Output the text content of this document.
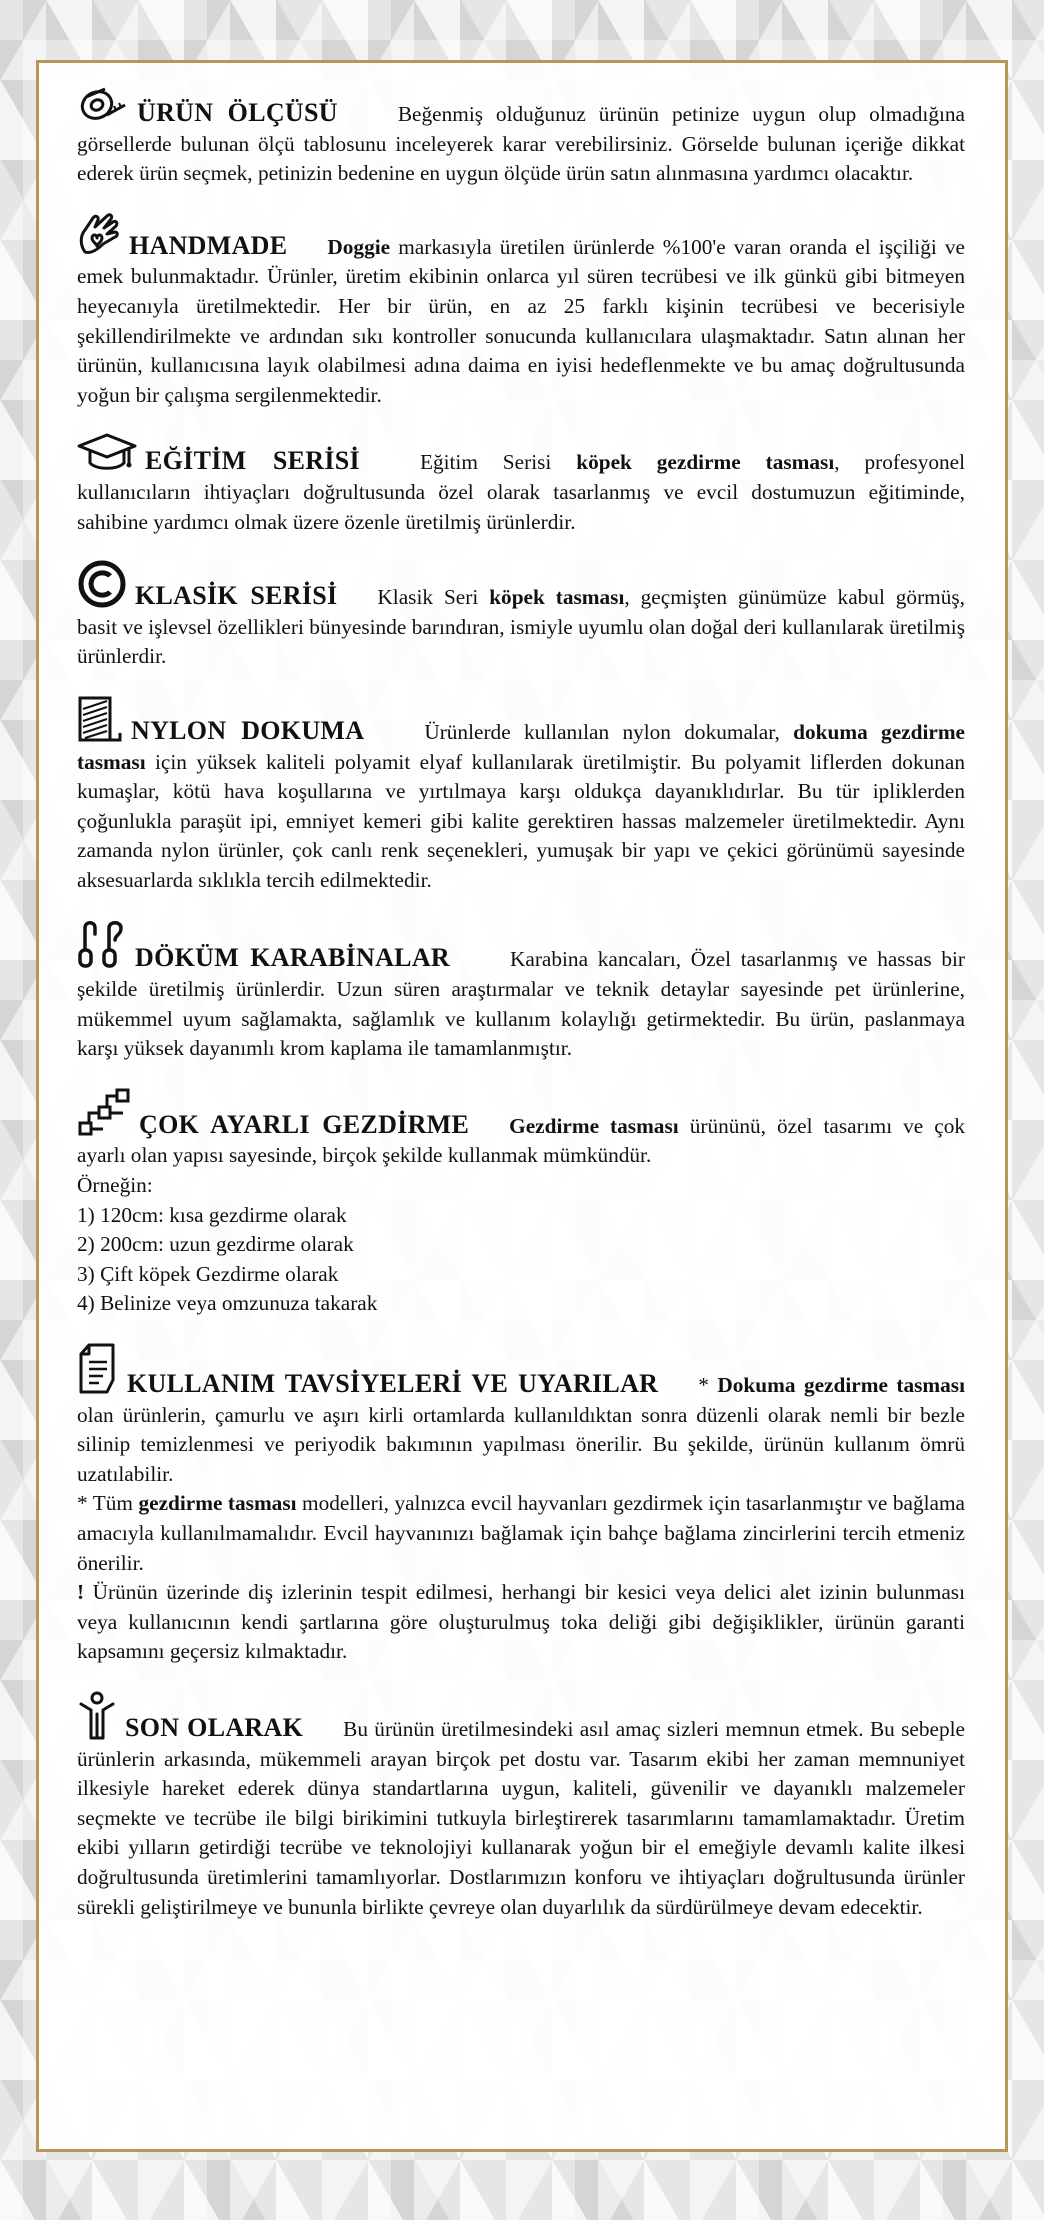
ÜRÜN ÖLÇÜSÜ	Beğenmiş olduğunuz ürünün petinize uygun olup olmadığına görsellerde bulunan ölçü tablosunu inceleyerek karar verebilirsiniz. Görselde bulunan içeriğe dikkat ederek ürün seçmek, petinizin bedenine en uygun ölçüde ürün satın alınmasına yardımcı olacaktır.

HANDMADE Doggie markasıyla üretilen ürünlerde %100'e varan oranda el işçiliği ve emek bulunmaktadır. Ürünler, üretim ekibinin onlarca yıl süren tecrübesi ve ilk günkü gibi bitmeyen heyecanıyla üretilmektedir. Her bir ürün, en az 25 farklı kişinin tecrübesi ve becerisiyle şekillendirilmekte ve ardından sıkı kontroller sonucunda kullanıcılara ulaşmaktadır. Satın alınan her ürünün, kullanıcısına layık olabilmesi adına daima en iyisi hedeflenmekte ve bu amaç doğrultusunda yoğun bir çalışma sergilenmektedir.

EĞİTİM SERİSİ	Eğitim Serisi köpek gezdirme tasması, profesyonel kullanıcıların ihtiyaçları doğrultusunda özel olarak tasarlanmış ve evcil dostumuzun eğitiminde, sahibine yardımcı olmak üzere özenle üretilmiş ürünlerdir.

KLASİK SERİSİ Klasik Seri köpek tasması, geçmişten günümüze kabul görmüş, basit ve işlevsel özellikleri bünyesinde barındıran, ismiyle uyumlu olan doğal deri kullanılarak üretilmiş ürünlerdir.

NYLON DOKUMA	Ürünlerde kullanılan nylon dokumalar, dokuma gezdirme tasması için yüksek kaliteli polyamit elyaf kullanılarak üretilmiştir. Bu polyamit liflerden dokunan kumaşlar, kötü hava koşullarına ve yırtılmaya karşı oldukça dayanıklıdırlar. Bu tür ipliklerden çoğunlukla paraşüt ipi, emniyet kemeri gibi kalite gerektiren hassas malzemeler üretilmektedir. Aynı zamanda nylon ürünler, çok canlı renk seçenekleri, yumuşak bir yapı ve çekici görünümü sayesinde aksesuarlarda sıklıkla tercih edilmektedir.

DÖKÜM KARABİNALAR	Karabina kancaları, Özel tasarlanmış ve hassas bir şekilde üretilmiş ürünlerdir. Uzun süren araştırmalar ve teknik detaylar sayesinde pet ürünlerine, mükemmel uyum sağlamakta, sağlamlık ve kullanım kolaylığı getirmektedir. Bu ürün, paslanmaya karşı yüksek dayanımlı krom kaplama ile tamamlanmıştır.

ÇOK AYARLI GEZDİRME Gezdirme tasması ürününü, özel tasarımı ve çok ayarlı olan yapısı sayesinde, birçok şekilde kullanmak mümkündür.

Örneğin:

1) 120cm: kısa gezdirme olarak

2) 200cm: uzun gezdirme olarak

3) Çift köpek Gezdirme olarak

4) Belinize veya omzunuza takarak

KULLANIM TAVSİYELERİ VE UYARILAR * Dokuma gezdirme tasması olan ürünlerin, çamurlu ve aşırı kirli ortamlarda kullanıldıktan sonra düzenli olarak nemli bir bezle silinip temizlenmesi ve periyodik bakımının yapılması önerilir. Bu şekilde, ürünün kullanım ömrü uzatılabilir.

* Tüm gezdirme tasması modelleri, yalnızca evcil hayvanları gezdirmek için tasarlanmıştır ve bağlama amacıyla kullanılmamalıdır. Evcil hayvanınızı bağlamak için bahçe bağlama zincirlerini tercih etmeniz önerilir.

! Ürünün üzerinde diş izlerinin tespit edilmesi, herhangi bir kesici veya delici alet izinin bulunması veya kullanıcının kendi şartlarına göre oluşturulmuş toka deliği gibi değişiklikler, ürünün garanti kapsamını geçersiz kılmaktadır.

SON OLARAK Bu ürünün üretilmesindeki asıl amaç sizleri memnun etmek. Bu sebeple ürünlerin arkasında, mükemmeli arayan birçok pet dostu var. Tasarım ekibi her zaman memnuniyet ilkesiyle hareket ederek dünya standartlarına uygun, kaliteli, güvenilir ve dayanıklı malzemeler seçmekte ve tecrübe ile bilgi birikimini tutkuyla birleştirerek tasarımlarını tamamlamaktadır. Üretim ekibi yılların getirdiği tecrübe ve teknolojiyi kullanarak yoğun bir el emeğiyle devamlı kalite ilkesi doğrultusunda üretimlerini tamamlıyorlar. Dostlarımızın konforu ve ihtiyaçları doğrultusunda ürünler sürekli geliştirilmeye ve bununla birlikte çevreye olan duyarlılık da sürdürülmeye devam edecektir.
